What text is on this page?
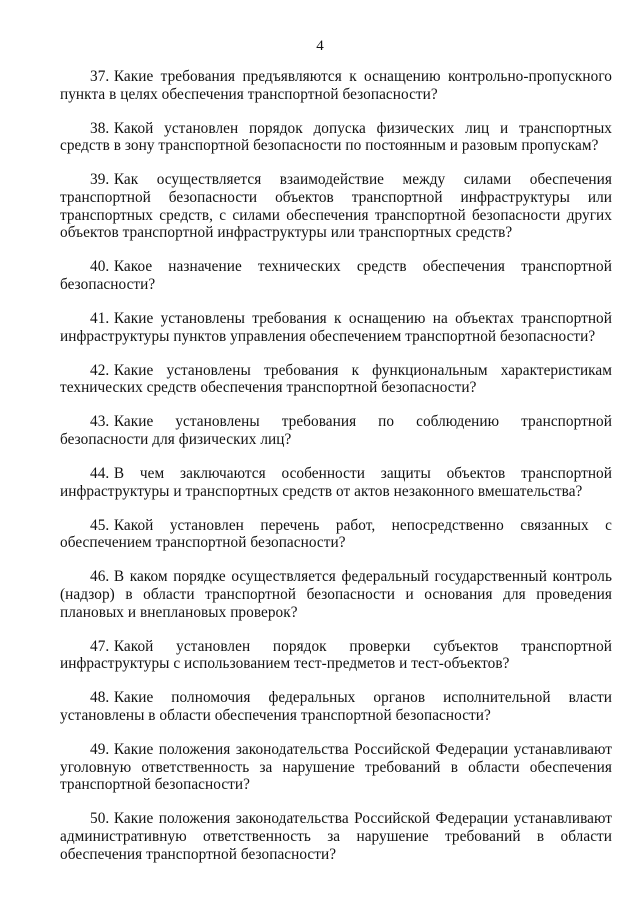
4

37. Какие требования предъявляются к оснащению контрольно-пропускного пункта в целях обеспечения транспортной безопасности?

38. Какой установлен порядок допуска физических лиц и транспортных средств в зону транспортной безопасности по постоянным и разовым пропускам?

39. Как осуществляется взаимодействие между силами обеспечения транспортной безопасности объектов транспортной инфраструктуры или транспортных средств, с силами обеспечения транспортной безопасности других объектов транспортной инфраструктуры или транспортных средств?

40. Какое назначение технических средств обеспечения транспортной безопасности?

41. Какие установлены требования к оснащению на объектах транспортной инфраструктуры пунктов управления обеспечением транспортной безопасности?

42. Какие установлены требования к функциональным характеристикам технических средств обеспечения транспортной безопасности?

43. Какие установлены требования по соблюдению транспортной безопасности для физических лиц?

44. В чем заключаются особенности защиты объектов транспортной инфраструктуры и транспортных средств от актов незаконного вмешательства?

45. Какой установлен перечень работ, непосредственно связанных с обеспечением транспортной безопасности?

46. В каком порядке осуществляется федеральный государственный контроль (надзор) в области транспортной безопасности и основания для проведения плановых и внеплановых проверок?

47. Какой установлен порядок проверки субъектов транспортной инфраструктуры с использованием тест-предметов и тест-объектов?

48. Какие полномочия федеральных органов исполнительной власти установлены в области обеспечения транспортной безопасности?

49. Какие положения законодательства Российской Федерации устанавливают уголовную ответственность за нарушение требований в области обеспечения транспортной безопасности?

50. Какие положения законодательства Российской Федерации устанавливают административную ответственность за нарушение требований в области обеспечения транспортной безопасности?
